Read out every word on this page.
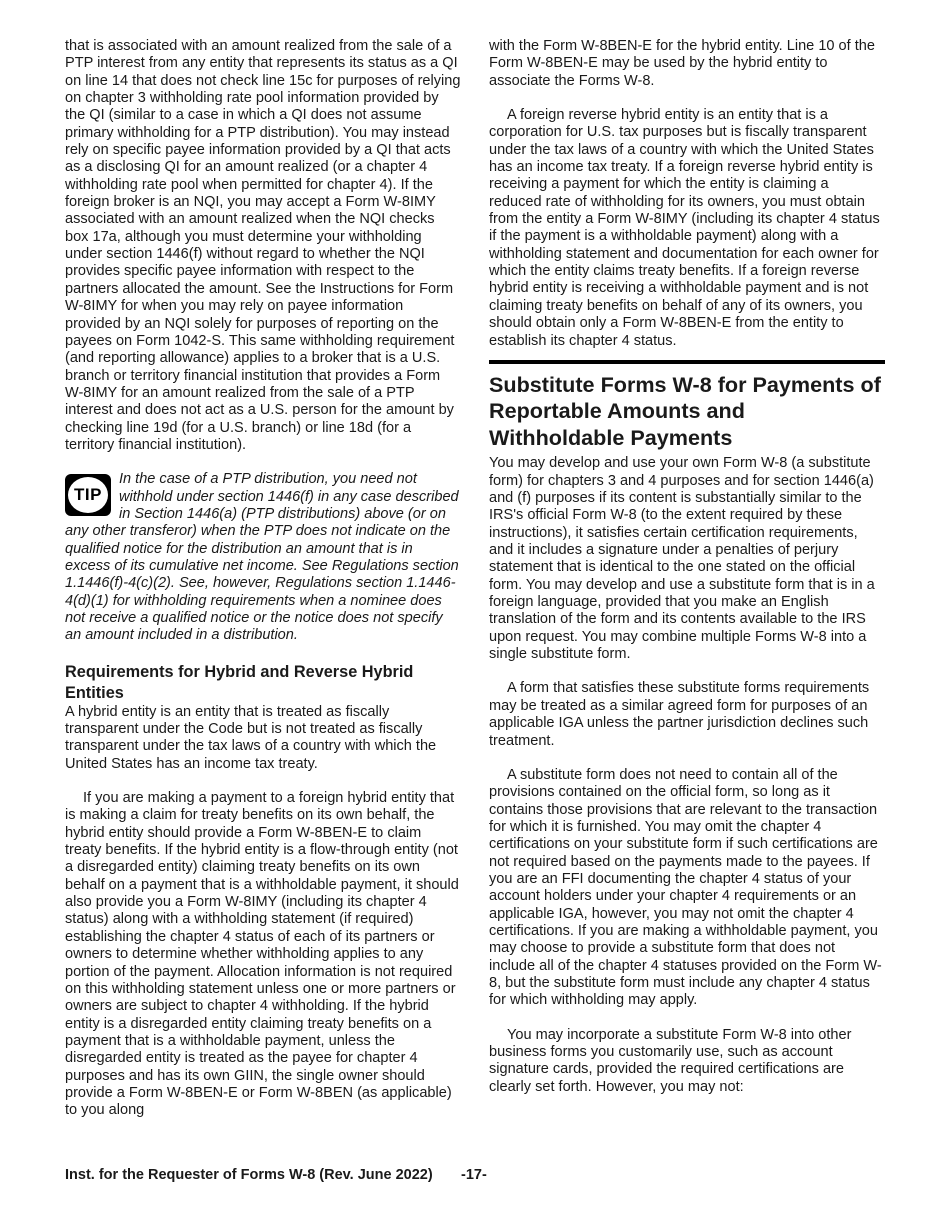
that is associated with an amount realized from the sale of a PTP interest from any entity that represents its status as a QI on line 14 that does not check line 15c for purposes of relying on chapter 3 withholding rate pool information provided by the QI (similar to a case in which a QI does not assume primary withholding for a PTP distribution). You may instead rely on specific payee information provided by a QI that acts as a disclosing QI for an amount realized (or a chapter 4 withholding rate pool when permitted for chapter 4). If the foreign broker is an NQI, you may accept a Form W-8IMY associated with an amount realized when the NQI checks box 17a, although you must determine your withholding under section 1446(f) without regard to whether the NQI provides specific payee information with respect to the partners allocated the amount. See the Instructions for Form W-8IMY for when you may rely on payee information provided by an NQI solely for purposes of reporting on the payees on Form 1042-S. This same withholding requirement (and reporting allowance) applies to a broker that is a U.S. branch or territory financial institution that provides a Form W-8IMY for an amount realized from the sale of a PTP interest and does not act as a U.S. person for the amount by checking line 19d (for a U.S. branch) or line 18d (for a territory financial institution).

TIP

In the case of a PTP distribution, you need not withhold under section 1446(f) in any case described in Section 1446(a) (PTP distributions) above (or on any other transferor) when the PTP does not indicate on the qualified notice for the distribution an amount that is in excess of its cumulative net income. See Regulations section 1.1446(f)-4(c)(2). See, however, Regulations section 1.1446-4(d)(1) for withholding requirements when a nominee does not receive a qualified notice or the notice does not specify an amount included in a distribution.

Requirements for Hybrid and Reverse Hybrid Entities

A hybrid entity is an entity that is treated as fiscally transparent under the Code but is not treated as fiscally transparent under the tax laws of a country with which the United States has an income tax treaty.

If you are making a payment to a foreign hybrid entity that is making a claim for treaty benefits on its own behalf, the hybrid entity should provide a Form W-8BEN-E to claim treaty benefits. If the hybrid entity is a flow-through entity (not a disregarded entity) claiming treaty benefits on its own behalf on a payment that is a withholdable payment, it should also provide you a Form W-8IMY (including its chapter 4 status) along with a withholding statement (if required) establishing the chapter 4 status of each of its partners or owners to determine whether withholding applies to any portion of the payment. Allocation information is not required on this withholding statement unless one or more partners or owners are subject to chapter 4 withholding. If the hybrid entity is a disregarded entity claiming treaty benefits on a payment that is a withholdable payment, unless the disregarded entity is treated as the payee for chapter 4 purposes and has its own GIIN, the single owner should provide a Form W-8BEN-E or Form W-8BEN (as applicable) to you along

with the Form W-8BEN-E for the hybrid entity. Line 10 of the Form W-8BEN-E may be used by the hybrid entity to associate the Forms W-8.

A foreign reverse hybrid entity is an entity that is a corporation for U.S. tax purposes but is fiscally transparent under the tax laws of a country with which the United States has an income tax treaty. If a foreign reverse hybrid entity is receiving a payment for which the entity is claiming a reduced rate of withholding for its owners, you must obtain from the entity a Form W-8IMY (including its chapter 4 status if the payment is a withholdable payment) along with a withholding statement and documentation for each owner for which the entity claims treaty benefits. If a foreign reverse hybrid entity is receiving a withholdable payment and is not claiming treaty benefits on behalf of any of its owners, you should obtain only a Form W-8BEN-E from the entity to establish its chapter 4 status.

Substitute Forms W-8 for Payments of Reportable Amounts and Withholdable Payments

You may develop and use your own Form W-8 (a substitute form) for chapters 3 and 4 purposes and for section 1446(a) and (f) purposes if its content is substantially similar to the IRS's official Form W-8 (to the extent required by these instructions), it satisfies certain certification requirements, and it includes a signature under a penalties of perjury statement that is identical to the one stated on the official form. You may develop and use a substitute form that is in a foreign language, provided that you make an English translation of the form and its contents available to the IRS upon request. You may combine multiple Forms W-8 into a single substitute form.

A form that satisfies these substitute forms requirements may be treated as a similar agreed form for purposes of an applicable IGA unless the partner jurisdiction declines such treatment.

A substitute form does not need to contain all of the provisions contained on the official form, so long as it contains those provisions that are relevant to the transaction for which it is furnished. You may omit the chapter 4 certifications on your substitute form if such certifications are not required based on the payments made to the payees. If you are an FFI documenting the chapter 4 status of your account holders under your chapter 4 requirements or an applicable IGA, however, you may not omit the chapter 4 certifications. If you are making a withholdable payment, you may choose to provide a substitute form that does not include all of the chapter 4 statuses provided on the Form W-8, but the substitute form must include any chapter 4 status for which withholding may apply.

You may incorporate a substitute Form W-8 into other business forms you customarily use, such as account signature cards, provided the required certifications are clearly set forth. However, you may not:

Inst. for the Requester of Forms W-8 (Rev. June 2022) -17-
